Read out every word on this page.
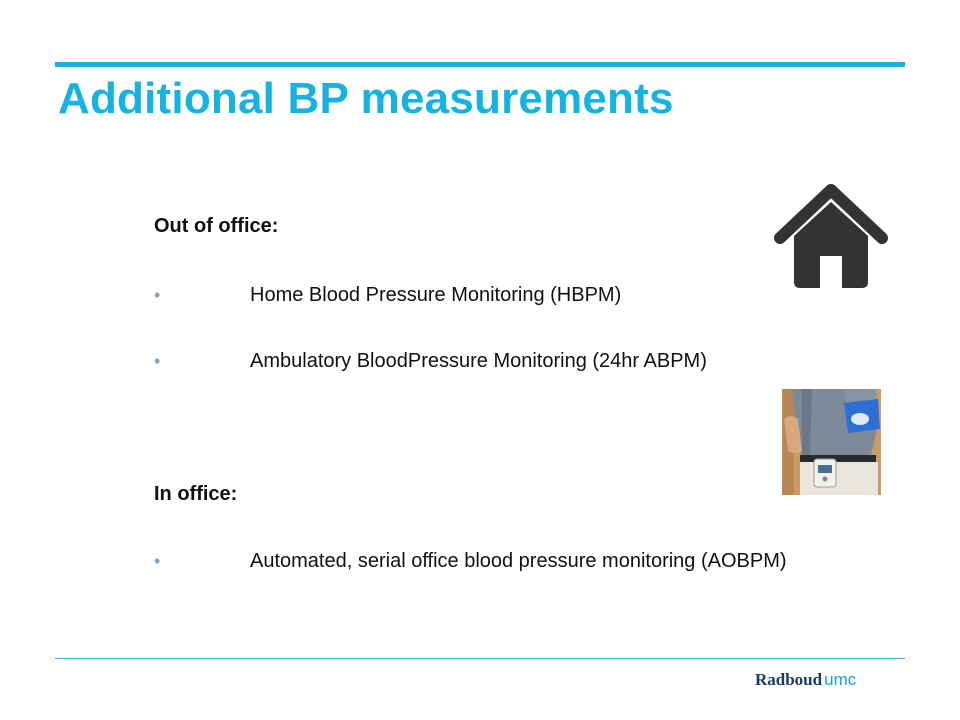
Additional BP measurements
Out of office:
•	Home Blood Pressure Monitoring (HBPM)
•	Ambulatory BloodPressure Monitoring (24hr ABPM)
In office:
•	Automated, serial office blood pressure monitoring (AOBPM)
Radboud umc
